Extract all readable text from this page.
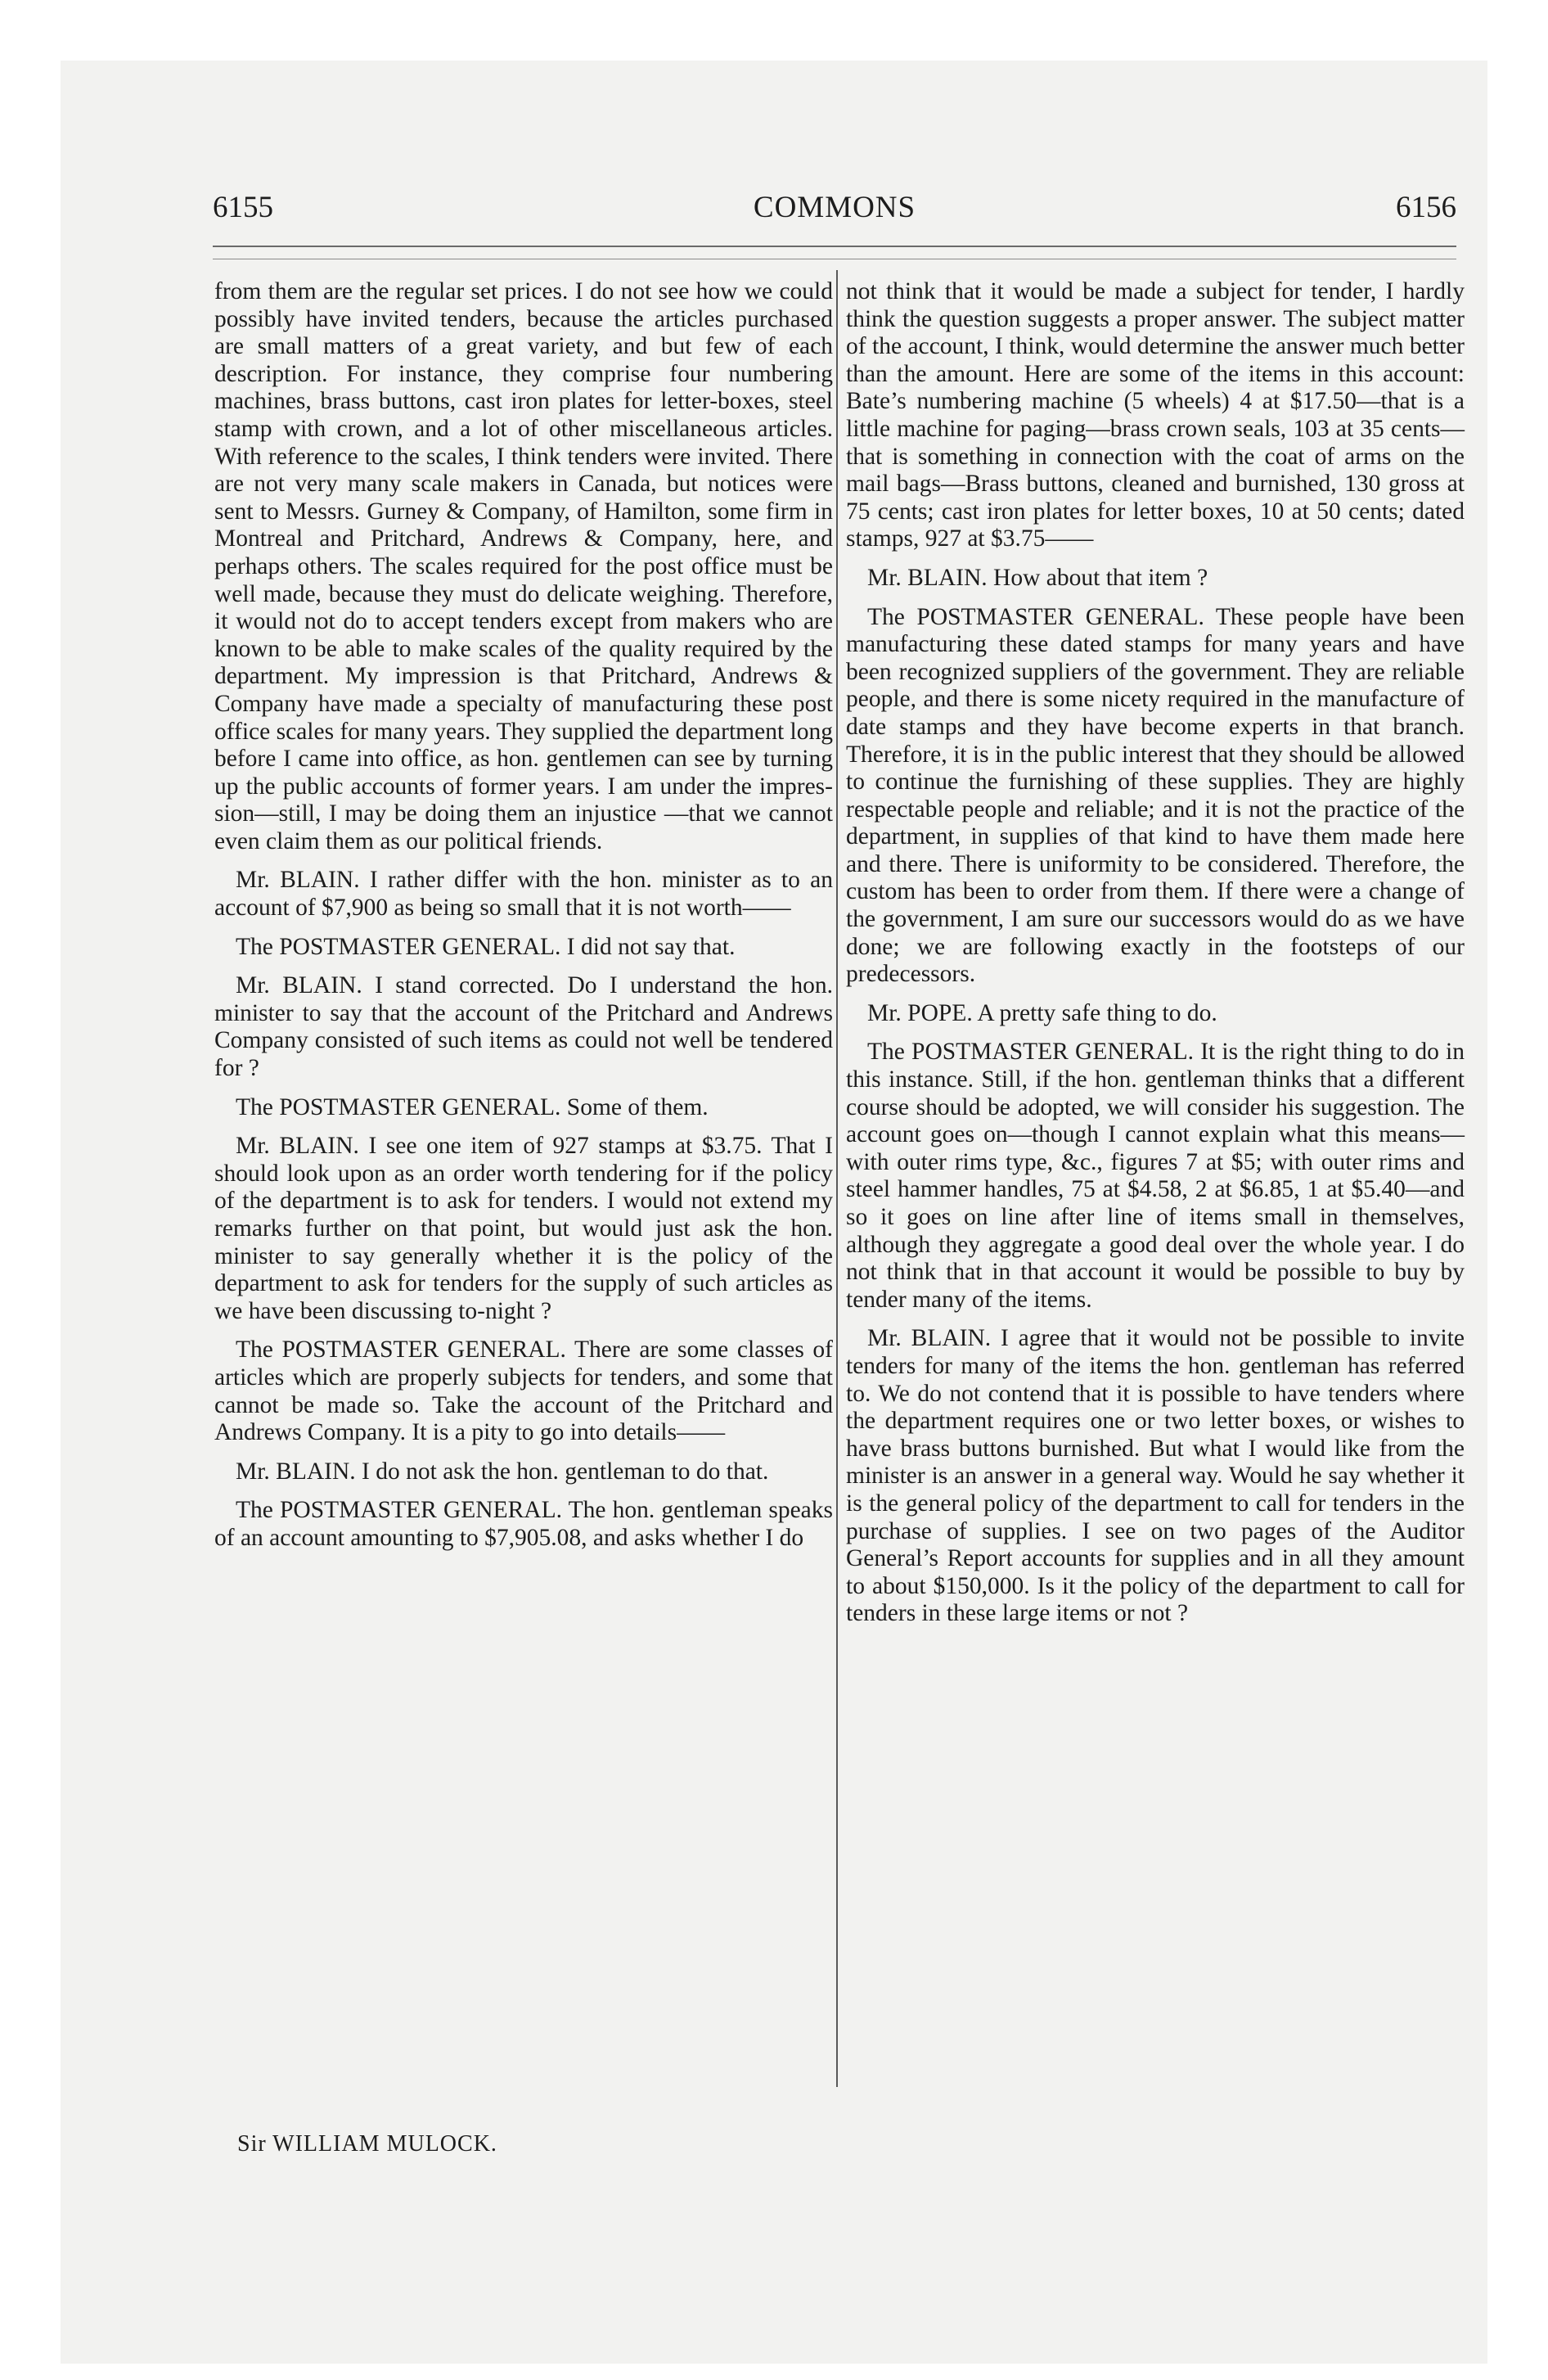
6155	COMMONS	6156

from them are the regular set prices. I do not see how we could possibly have invited tenders, because the articles purchased are small matters of a great variety, and but few of each description. For instance, they comprise four numbering machines, brass buttons, cast iron plates for letter-boxes, steel stamp with crown, and a lot of other miscellaneous articles. With reference to the scales, I think tenders were invited. There are not very many scale makers in Canada, but notices were sent to Messrs. Gurney & Company, of Hamilton, some firm in Montreal and Pritchard, Andrews & Company, here, and perhaps others. The scales required for the post office must be well made, because they must do delicate weighing. Therefore, it would not do to accept tenders except from makers who are known to be able to make scales of the quality required by the department. My impression is that Pritchard, Andrews & Company have made a specialty of manufacturing these post office scales for many years. They supplied the department long before I came into office, as hon. gentlemen can see by turning up the public accounts of former years. I am under the impression—still, I may be doing them an injustice —that we cannot even claim them as our political friends.

Mr. BLAIN. I rather differ with the hon. minister as to an account of $7,900 as being so small that it is not worth——

The POSTMASTER GENERAL. I did not say that.

Mr. BLAIN. I stand corrected. Do I understand the hon. minister to say that the account of the Pritchard and Andrews Company consisted of such items as could not well be tendered for ?

The POSTMASTER GENERAL. Some of them.

Mr. BLAIN. I see one item of 927 stamps at $3.75. That I should look upon as an order worth tendering for if the policy of the department is to ask for tenders. I would not extend my remarks further on that point, but would just ask the hon. minister to say generally whether it is the policy of the department to ask for tenders for the supply of such articles as we have been discussing to-night ?

The POSTMASTER GENERAL. There are some classes of articles which are properly subjects for tenders, and some that cannot be made so. Take the account of the Pritchard and Andrews Company. It is a pity to go into details——

Mr. BLAIN. I do not ask the hon. gentleman to do that.

The POSTMASTER GENERAL. The hon. gentleman speaks of an account amounting to $7,905.08, and asks whether I do

not think that it would be made a subject for tender, I hardly think the question suggests a proper answer. The subject matter of the account, I think, would determine the answer much better than the amount. Here are some of the items in this account: Bate’s numbering machine (5 wheels) 4 at $17.50—that is a little machine for paging—brass crown seals, 103 at 35 cents—that is something in connection with the coat of arms on the mail bags—Brass buttons, cleaned and burnished, 130 gross at 75 cents; cast iron plates for letter boxes, 10 at 50 cents; dated stamps, 927 at $3.75——

Mr. BLAIN. How about that item ?

The POSTMASTER GENERAL. These people have been manufacturing these dated stamps for many years and have been recognized suppliers of the government. They are reliable people, and there is some nicety required in the manufacture of date stamps and they have become experts in that branch. Therefore, it is in the public interest that they should be allowed to continue the furnishing of these supplies. They are highly respectable people and reliable; and it is not the practice of the department, in supplies of that kind to have them made here and there. There is uniformity to be considered. Therefore, the custom has been to order from them. If there were a change of the government, I am sure our successors would do as we have done; we are following exactly in the footsteps of our predecessors.

Mr. POPE. A pretty safe thing to do.

The POSTMASTER GENERAL. It is the right thing to do in this instance. Still, if the hon. gentleman thinks that a different course should be adopted, we will consider his suggestion. The account goes on—though I cannot explain what this means—with outer rims type, &c., figures 7 at $5; with outer rims and steel hammer handles, 75 at $4.58, 2 at $6.85, 1 at $5.40—and so it goes on line after line of items small in themselves, although they aggregate a good deal over the whole year. I do not think that in that account it would be possible to buy by tender many of the items.

Mr. BLAIN. I agree that it would not be possible to invite tenders for many of the items the hon. gentleman has referred to. We do not contend that it is possible to have tenders where the department requires one or two letter boxes, or wishes to have brass buttons burnished. But what I would like from the minister is an answer in a general way. Would he say whether it is the general policy of the department to call for tenders in the purchase of supplies. I see on two pages of the Auditor General’s Report accounts for supplies and in all they amount to about $150,000. Is it the policy of the department to call for tenders in these large items or not ?

Sir WILLIAM MULOCK.
